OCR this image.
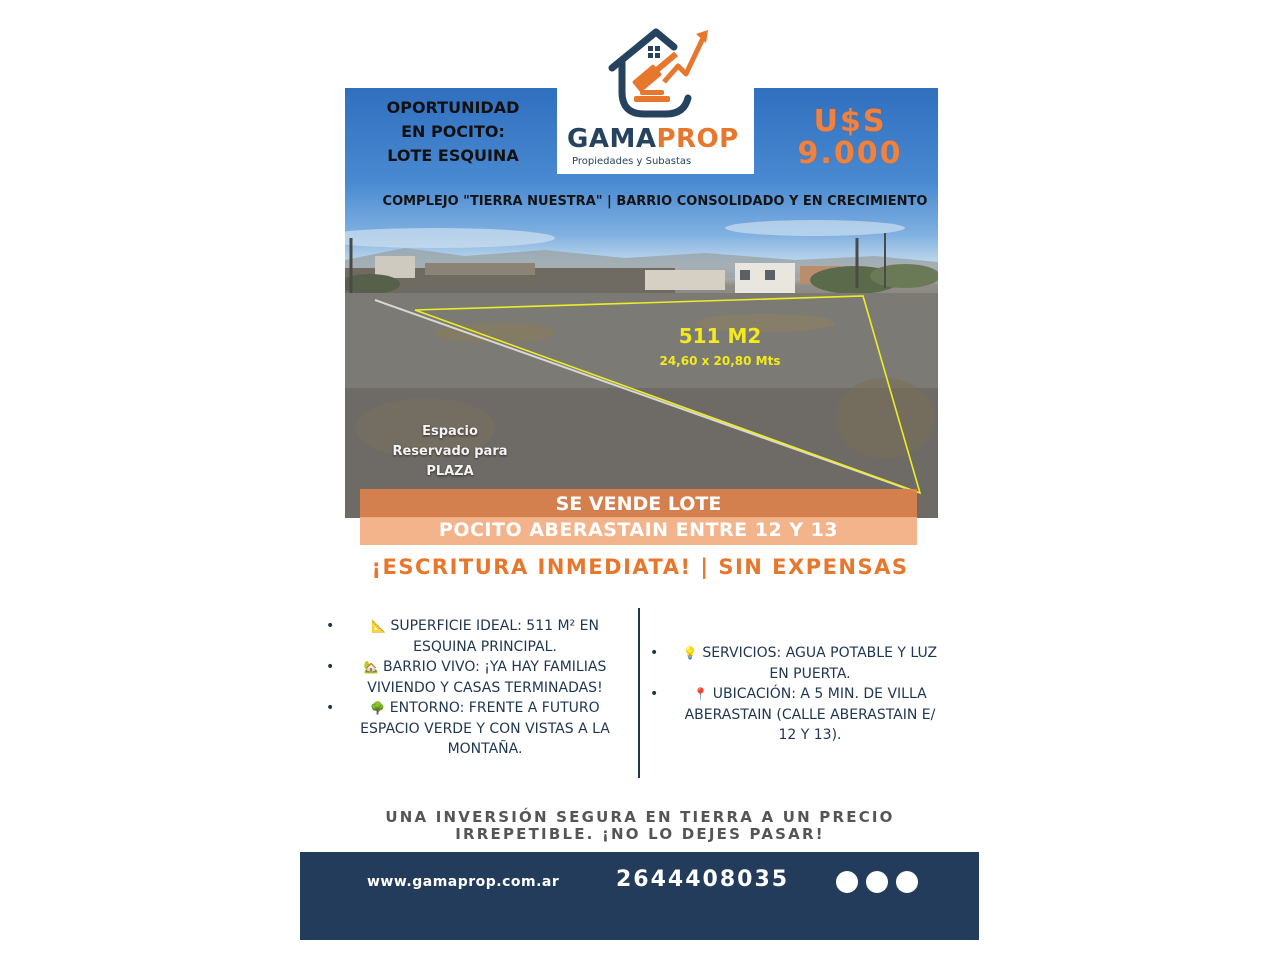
OPORTUNIDAD
EN POCITO:
LOTE ESQUINA
U$S
9.000
COMPLEJO "TIERRA NUESTRA" | BARRIO CONSOLIDADO Y EN CRECIMIENTO
511 M2
24,60 x 20,80 Mts
Espacio
Reservado para
PLAZA
GAMAPROP
Propiedades y Subastas
SE VENDE LOTE
POCITO ABERASTAIN ENTRE 12 Y 13
¡ESCRITURA INMEDIATA! | SIN EXPENSAS
•	📐 SUPERFICIE IDEAL: 511 M² EN ESQUINA PRINCIPAL.
• 🏡 BARRIO VIVO: ¡YA HAY FAMILIAS VIVIENDO Y CASAS TERMINADAS!
•	🌳 ENTORNO: FRENTE A FUTURO ESPACIO VERDE Y CON VISTAS A LA MONTAÑA.
• 💡 SERVICIOS: AGUA POTABLE Y LUZ EN PUERTA.
•	📍 UBICACIÓN: A 5 MIN. DE VILLA ABERASTAIN (CALLE ABERASTAIN E/ 12 Y 13).
UNA INVERSIÓN SEGURA EN TIERRA A UN PRECIO IRREPETIBLE. ¡NO LO DEJES PASAR!
www.gamaprop.com.ar	2644408035
